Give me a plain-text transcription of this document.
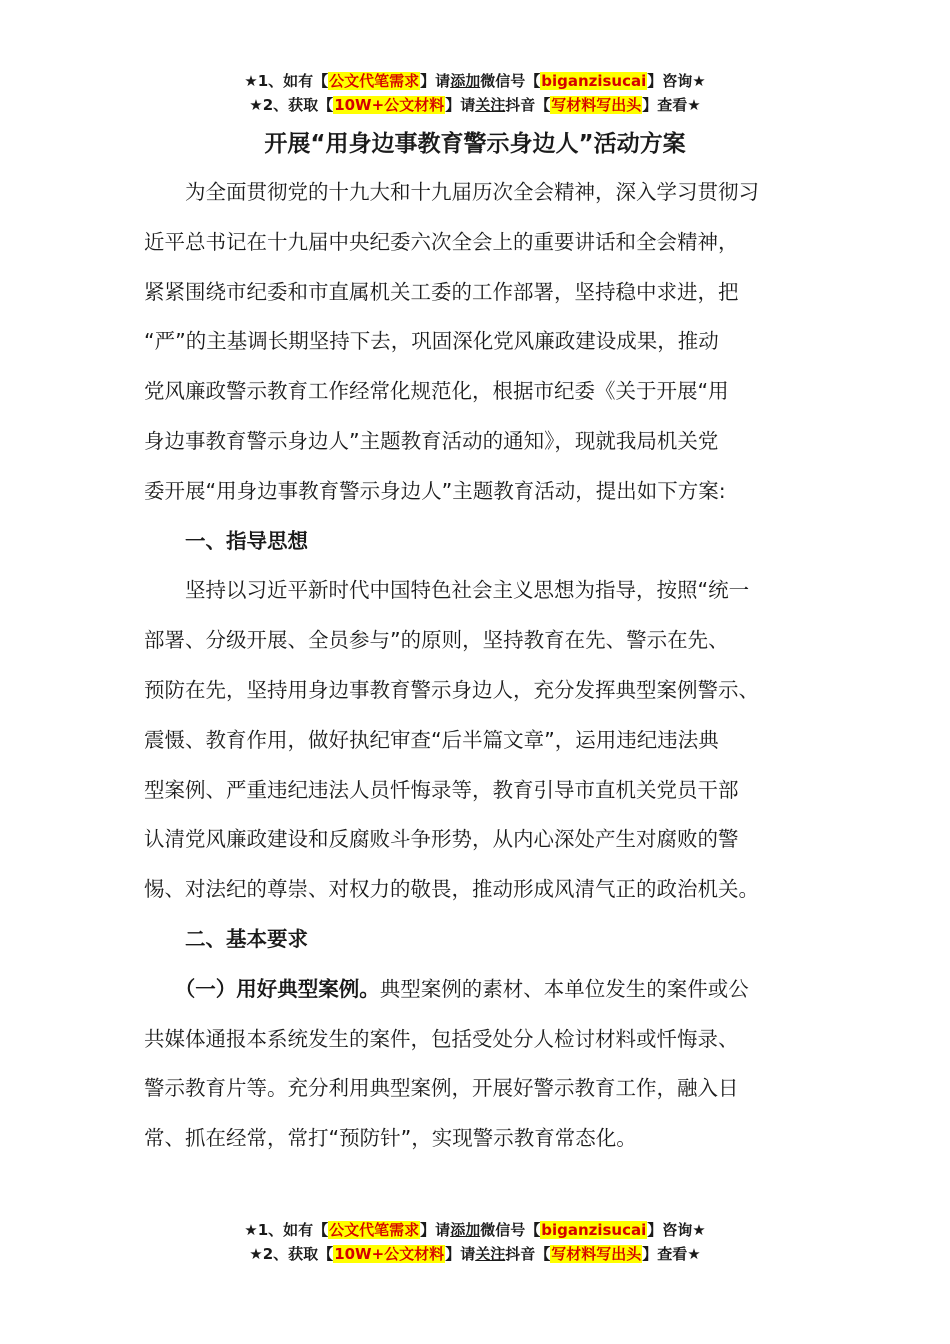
★1、如有【公文代笔需求】请添加微信号【biganzisucai】咨询★
★2、获取【10W+公文材料】请关注抖音【写材料写出头】查看★
开展“用身边事教育警示身边人”活动方案
　　为全面贯彻党的十九大和十九届历次全会精神，深入学习贯彻习
近平总书记在十九届中央纪委六次全会上的重要讲话和全会精神，
紧紧围绕市纪委和市直属机关工委的工作部署，坚持稳中求进，把
“严”的主基调长期坚持下去，巩固深化党风廉政建设成果，推动
党风廉政警示教育工作经常化规范化，根据市纪委《关于开展“用
身边事教育警示身边人”主题教育活动的通知》，现就我局机关党
委开展“用身边事教育警示身边人”主题教育活动，提出如下方案:
　　一、指导思想
　　坚持以习近平新时代中国特色社会主义思想为指导，按照“统一
部署、分级开展、全员参与”的原则，坚持教育在先、警示在先、
预防在先，坚持用身边事教育警示身边人，充分发挥典型案例警示、
震慑、教育作用，做好执纪审查“后半篇文章”，运用违纪违法典
型案例、严重违纪违法人员忏悔录等，教育引导市直机关党员干部
认清党风廉政建设和反腐败斗争形势，从内心深处产生对腐败的警
惕、对法纪的尊崇、对权力的敬畏，推动形成风清气正的政治机关。
　　二、基本要求
　　（一）用好典型案例。典型案例的素材、本单位发生的案件或公
共媒体通报本系统发生的案件，包括受处分人检讨材料或忏悔录、
警示教育片等。充分利用典型案例，开展好警示教育工作，融入日
常、抓在经常，常打“预防针”，实现警示教育常态化。
★1、如有【公文代笔需求】请添加微信号【biganzisucai】咨询★
★2、获取【10W+公文材料】请关注抖音【写材料写出头】查看★
